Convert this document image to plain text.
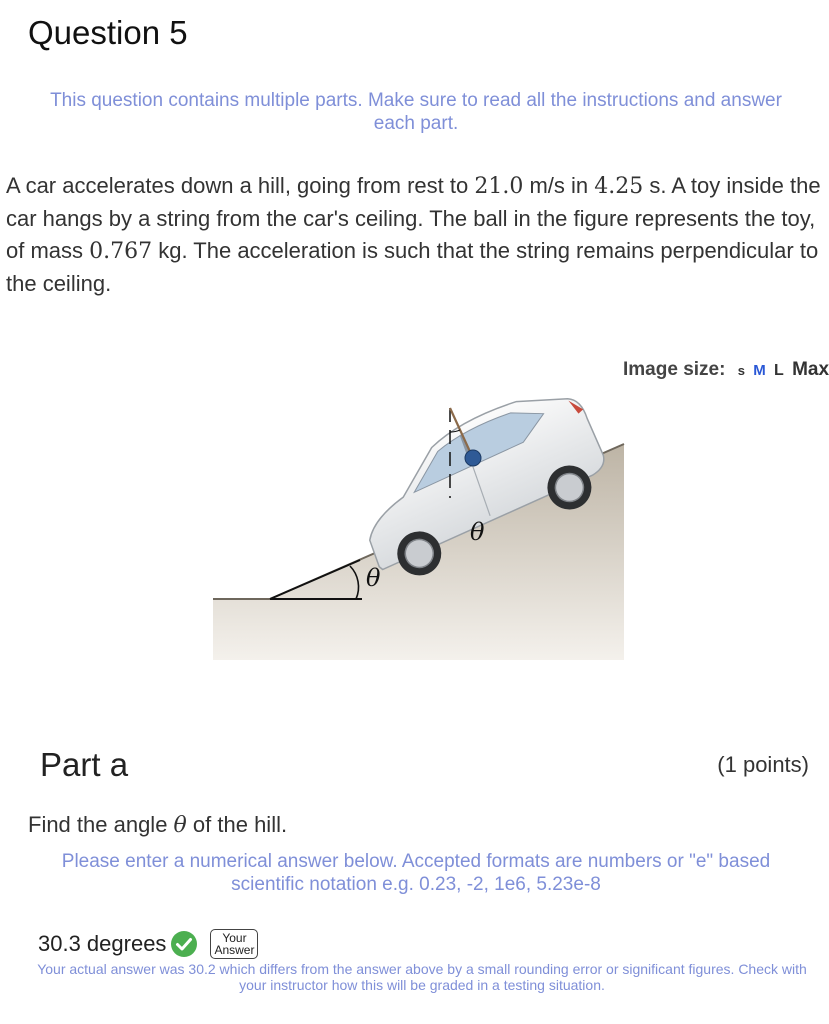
Question 5
This question contains multiple parts. Make sure to read all the instructions and answer each part.
A car accelerates down a hill, going from rest to 21.0 m/s in 4.25 s. A toy inside the car hangs by a string from the car's ceiling. The ball in the figure represents the toy, of mass 0.767 kg. The acceleration is such that the string remains perpendicular to the ceiling.
Image size: s M L Max
θ
θ
Part a	(1 points)
Find the angle θ of the hill.
Please enter a numerical answer below. Accepted formats are numbers or "e" based scientific notation e.g. 0.23, -2, 1e6, 5.23e-8
30.3 degrees	Your
Answer
Your actual answer was 30.2 which differs from the answer above by a small rounding error or significant figures. Check with your instructor how this will be graded in a testing situation.
